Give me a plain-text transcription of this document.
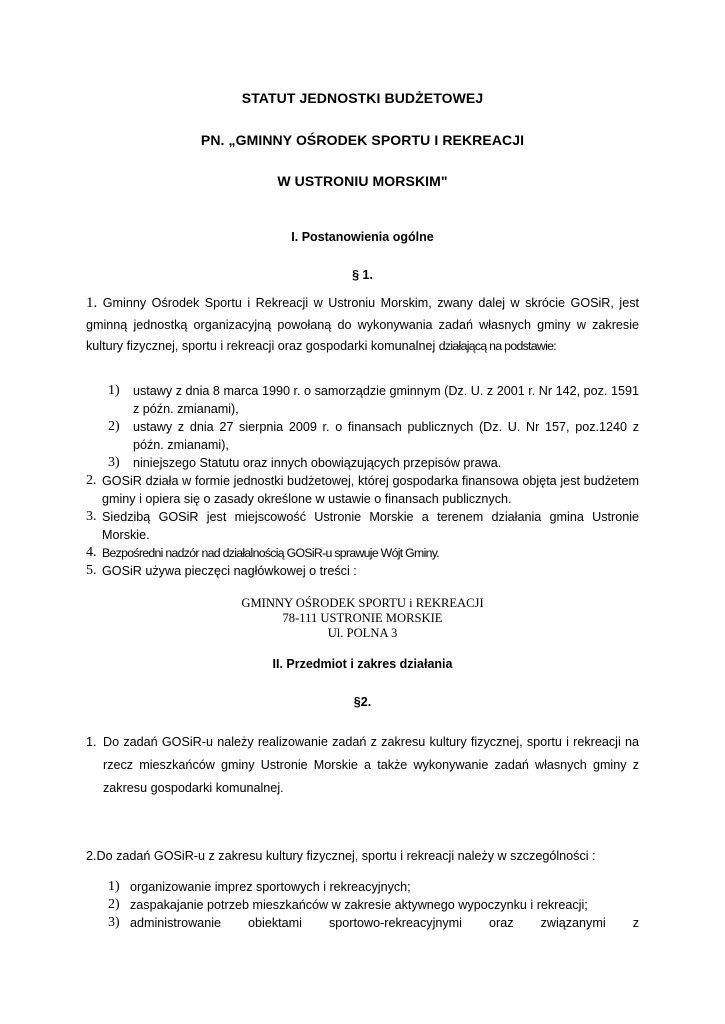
STATUT JEDNOSTKI BUDŻETOWEJ
PN. „GMINNY OŚRODEK SPORTU I REKREACJI
W USTRONIU MORSKIM"
I. Postanowienia ogólne
§ 1.
1. Gminny Ośrodek Sportu i Rekreacji w Ustroniu Morskim, zwany dalej w skrócie GOSiR, jest gminną jednostką organizacyjną powołaną do wykonywania zadań własnych gminy w zakresie kultury fizycznej, sportu i rekreacji oraz gospodarki komunalnej działającą na podstawie:
1) ustawy z dnia 8 marca 1990 r. o samorządzie gminnym (Dz. U. z 2001 r. Nr 142, poz. 1591 z późn. zmianami),
2) ustawy z dnia 27 sierpnia 2009 r. o finansach publicznych (Dz. U. Nr 157, poz.1240 z późn. zmianami),
3) niniejszego Statutu oraz innych obowiązujących przepisów prawa.
2. GOSiR działa w formie jednostki budżetowej, której gospodarka finansowa objęta jest budżetem gminy i opiera się o zasady określone w ustawie o finansach publicznych.
3. Siedzibą GOSiR jest miejscowość Ustronie Morskie a terenem działania gmina Ustronie Morskie.
4. Bezpośredni nadzór nad działalnością GOSiR-u sprawuje Wójt Gminy.
5. GOSiR używa pieczęci nagłówkowej o treści :
GMINNY OŚRODEK SPORTU i REKREACJI
78-111 USTRONIE MORSKIE
Ul. POLNA 3
II. Przedmiot i zakres działania
§2.
1. Do zadań GOSiR-u należy realizowanie zadań z zakresu kultury fizycznej, sportu i rekreacji na rzecz mieszkańców gminy Ustronie Morskie a także wykonywanie zadań własnych gminy z zakresu gospodarki komunalnej.
2.Do zadań GOSiR-u z zakresu kultury fizycznej, sportu i rekreacji należy w szczególności :
1) organizowanie imprez sportowych i rekreacyjnych;
2) zaspakajanie potrzeb mieszkańców w zakresie aktywnego wypoczynku i rekreacji;
3) administrowanie obiektami sportowo-rekreacyjnymi oraz związanymi z
